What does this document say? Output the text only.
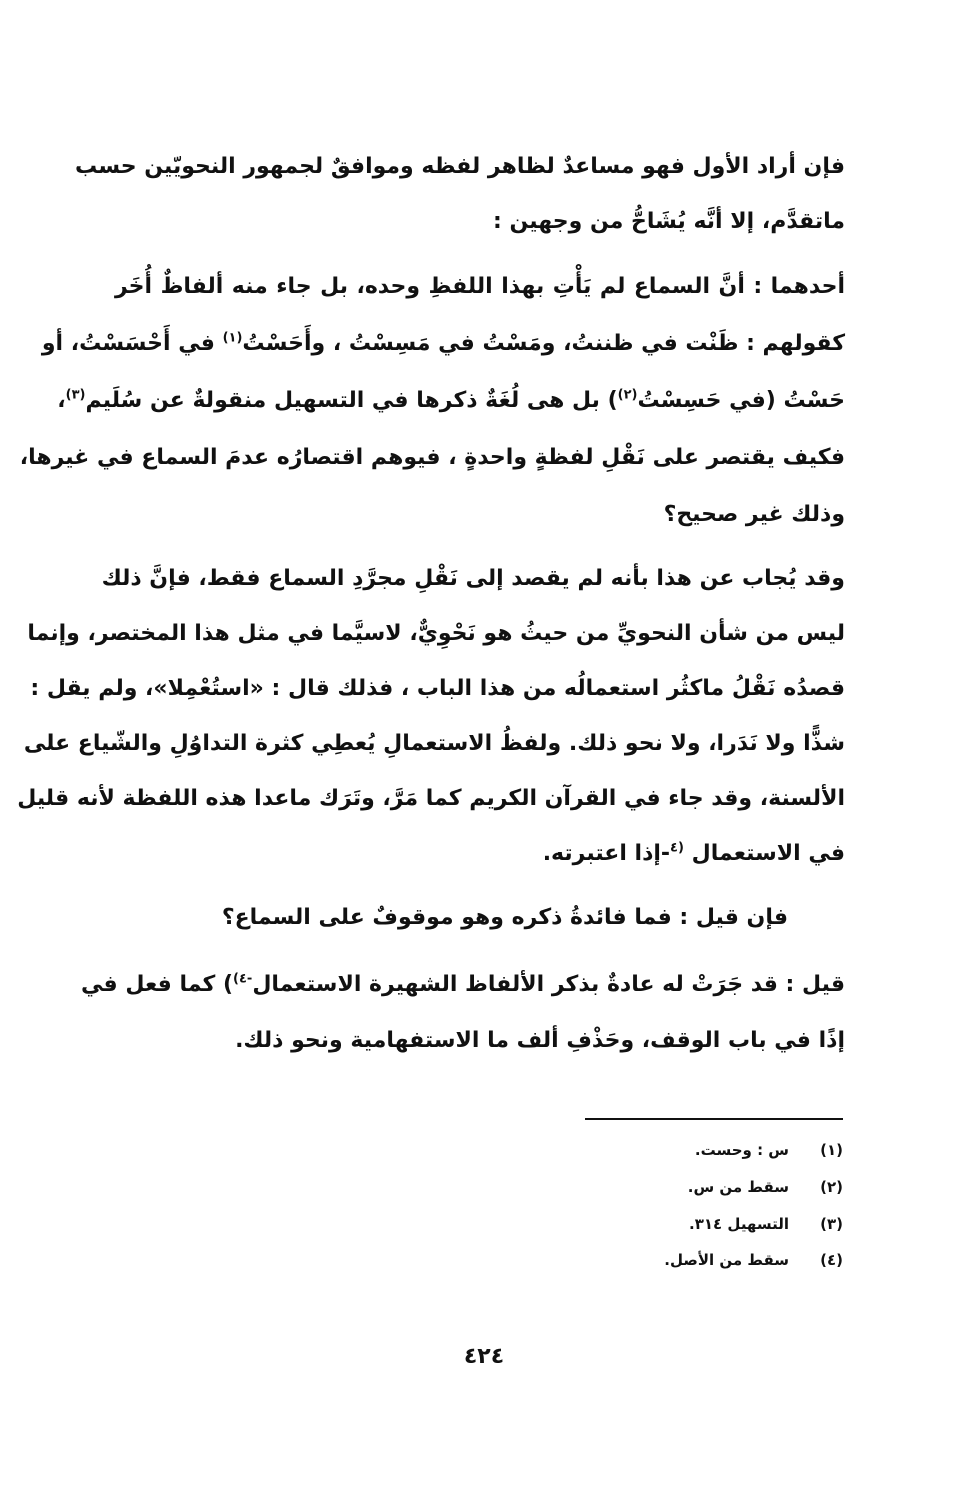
فإن أراد الأول فهو مساعدٌ لظاهر لفظه وموافقٌ لجمهور النحويّين حسب
ماتقدَّم، إلا أنَّه يُشَاحُّ من وجهين :
أحدهما : أنَّ السماع لم يَأْتِ بهذا اللفظِ وحده، بل جاء منه ألفاظٌ أُخَر
كقولهم : ظَنْت في ظننتُ، ومَسْتُ في مَسِسْتُ ، وأَحَسْتُ$^{(١)}$ في أَحْسَسْتُ، أو
حَسْتُ (في حَسِسْتُ$^{(٢)}$) بل هى لُغَةٌ ذكرها في التسهيل منقولةٌ عن سُلَيم$^{(٣)}$،
فكيف يقتصر على نَقْلِ لفظةٍ واحدةٍ ، فيوهم اقتصارُه عدمَ السماع في غيرها،
وذلك غير صحيح؟
وقد يُجاب عن هذا بأنه لم يقصد إلى نَقْلِ مجرَّدِ السماع فقط، فإنَّ ذلك
ليس من شأن النحويِّ من حيثُ هو نَحْوِيٌّ، لاسيَّما في مثل هذا المختصر، وإنما
قصدُه نَقْلُ ماكثُر استعمالُه من هذا الباب ، فذلك قال : «استُعْمِلا»، ولم يقل :
شذًّا ولا نَدَرا، ولا نحو ذلك. ولفظُ الاستعمالِ يُعطِي كثرة التداوُلِ والشّياع على
الألسنة، وقد جاء في القرآن الكريم كما مَرَّ، وتَرَك ماعدا هذه اللفظة لأنه قليل
في الاستعمال $^{(٤}$-إذا اعتبرته.
فإن قيل : فما فائدةُ ذكره وهو موقوفٌ على السماع؟
قيل : قد جَرَتْ له عادةٌ بذكر الألفاظ الشهيرة الاستعمال$^{-٤)}$) كما فعل في
إذًا في باب الوقف، وحَذْفِ ألف ما الاستفهامية ونحو ذلك.
(١)س : وحست.
(٢)سقط من س.
(٣)التسهيل ٣١٤.
(٤)سقط من الأصل.
٤٢٤
